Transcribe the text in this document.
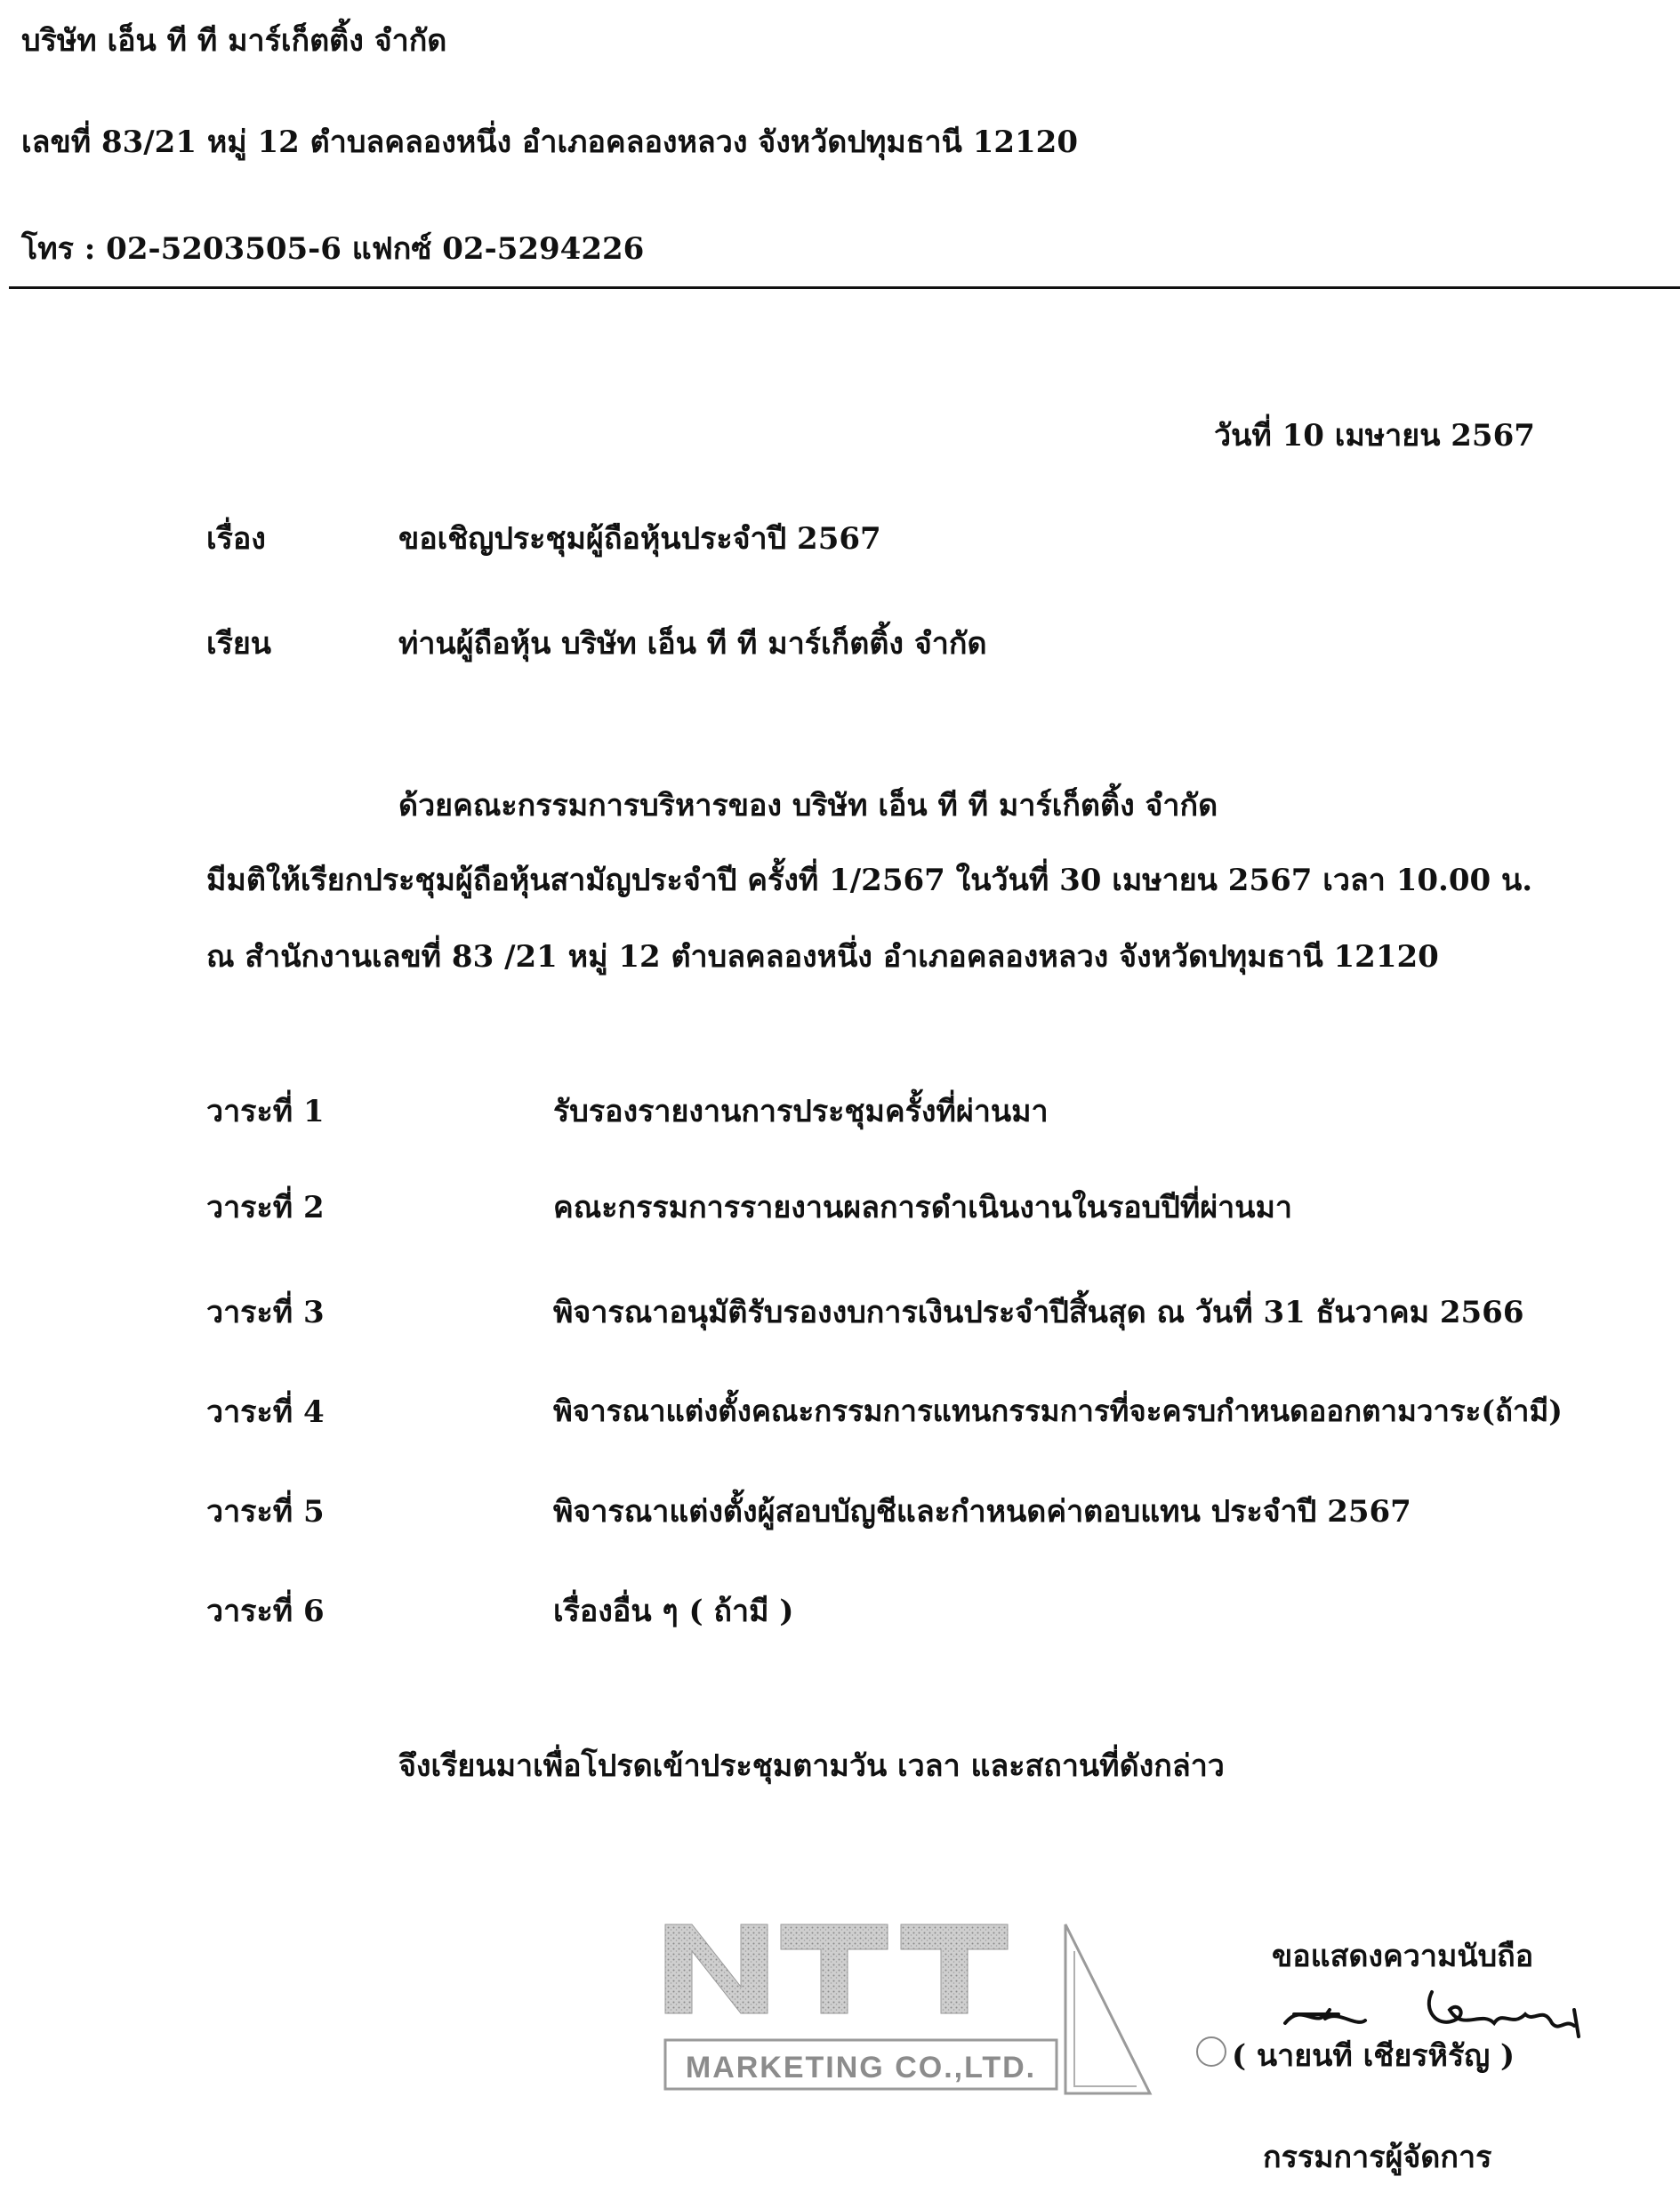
บริษัท เอ็น ที ที มาร์เก็ตติ้ง จำกัด
เลขที่ 83/21 หมู่ 12 ตำบลคลองหนึ่ง อำเภอคลองหลวง จังหวัดปทุมธานี 12120
โทร : 02-5203505-6 แฟกซ์ 02-5294226
วันที่ 10 เมษายน 2567
เรื่อง	ขอเชิญประชุมผู้ถือหุ้นประจำปี 2567
เรียน	ท่านผู้ถือหุ้น บริษัท เอ็น ที ที มาร์เก็ตติ้ง จำกัด
ด้วยคณะกรรมการบริหารของ บริษัท เอ็น ที ที มาร์เก็ตติ้ง จำกัด
มีมติให้เรียกประชุมผู้ถือหุ้นสามัญประจำปี ครั้งที่ 1/2567 ในวันที่ 30 เมษายน 2567 เวลา 10.00 น.
ณ สำนักงานเลขที่ 83 /21 หมู่ 12 ตำบลคลองหนึ่ง อำเภอคลองหลวง จังหวัดปทุมธานี 12120
วาระที่ 1	รับรองรายงานการประชุมครั้งที่ผ่านมา
วาระที่ 2	คณะกรรมการรายงานผลการดำเนินงานในรอบปีที่ผ่านมา
วาระที่ 3	พิจารณาอนุมัติรับรองงบการเงินประจำปีสิ้นสุด ณ วันที่ 31 ธันวาคม 2566
วาระที่ 4	พิจารณาแต่งตั้งคณะกรรมการแทนกรรมการที่จะครบกำหนดออกตามวาระ(ถ้ามี)
วาระที่ 5	พิจารณาแต่งตั้งผู้สอบบัญชีและกำหนดค่าตอบแทน ประจำปี 2567
วาระที่ 6	เรื่องอื่น ๆ ( ถ้ามี )
จึงเรียนมาเพื่อโปรดเข้าประชุมตามวัน เวลา และสถานที่ดังกล่าว
MARKETING CO.,LTD.
ขอแสดงความนับถือ
( นายนที เชียรหิรัญ )
กรรมการผู้จัดการ
